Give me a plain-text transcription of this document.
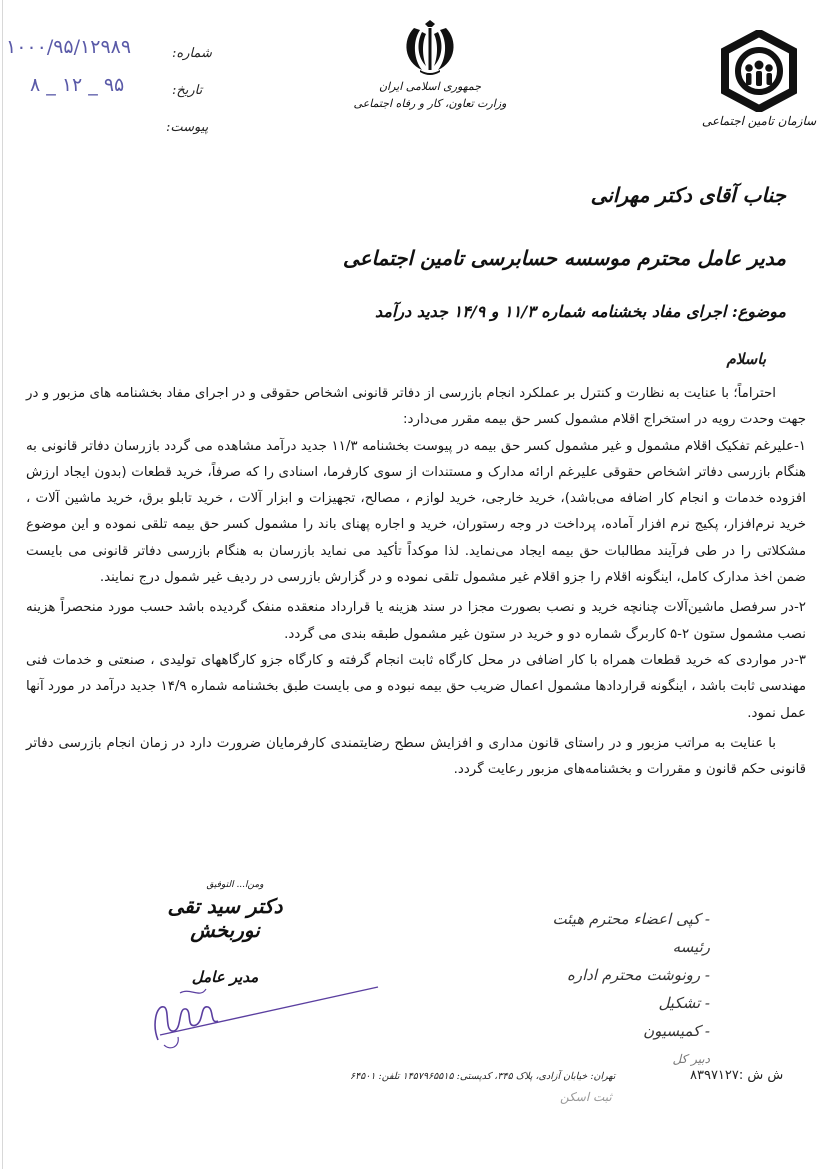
شماره:
۱۰۰۰/۹۵/۱۲۹۸۹
تاریخ:
۹۵ _ ۱۲ _ ۸
پیوست:
جمهوری اسلامی ایران
وزارت تعاون، کار و رفاه اجتماعی
سازمان تامین اجتماعی
جناب آقای دکتر مهرانی
مدیر عامل محترم موسسه حسابرسی تامین اجتماعی
موضوع: اجرای مفاد بخشنامه شماره ۱۱/۳ و ۱۴/۹ جدید درآمد
باسلام

احتراماً؛ با عنایت به نظارت و کنترل بر عملکرد انجام بازرسی از دفاتر قانونی اشخاص حقوقی و در اجرای مفاد بخشنامه های مزبور و در جهت وحدت رویه در استخراج اقلام مشمول کسر حق بیمه مقرر می‌دارد:

۱-علیرغم تفکیک اقلام مشمول و غیر مشمول کسر حق بیمه در پیوست بخشنامه ۱۱/۳ جدید درآمد مشاهده می گردد بازرسان دفاتر قانونی به هنگام بازرسی دفاتر اشخاص حقوقی علیرغم ارائه مدارک و مستندات از سوی کارفرما، اسنادی را که صرفاً، خرید قطعات (بدون ایجاد ارزش افزوده خدمات و انجام کار اضافه می‌باشد)، خرید خارجی، خرید لوازم ، مصالح، تجهیزات و ابزار آلات ، خرید تابلو برق، خرید ماشین آلات ، خرید نرم‌افزار، پکیج نرم افزار آماده، پرداخت در وجه رستوران، خرید و اجاره پهنای باند را مشمول کسر حق بیمه تلقی نموده و این موضوع مشکلاتی را در طی فرآیند مطالبات حق بیمه ایجاد می‌نماید. لذا موکداً تأکید می نماید بازرسان به هنگام بازرسی دفاتر قانونی می بایست ضمن اخذ مدارک کامل، اینگونه اقلام را جزو اقلام غیر مشمول تلقی نموده و در گزارش بازرسی در ردیف غیر شمول درج نمایند.

۲-در سرفصل ماشین‌آلات چنانچه خرید و نصب بصورت مجزا در سند هزینه یا قرارداد منعقده منفک گردیده باشد حسب مورد منحصراً هزینه نصب مشمول ستون ۲-۵ کاربرگ شماره دو و خرید در ستون غیر مشمول طبقه بندی می گردد.

۳-در مواردی که خرید قطعات همراه با کار اضافی در محل کارگاه ثابت انجام گرفته و کارگاه جزو کارگاههای تولیدی ، صنعتی و خدمات فنی مهندسی ثابت باشد ، اینگونه قراردادها مشمول اعمال ضریب حق بیمه نبوده و می بایست طبق بخشنامه شماره ۱۴/۹ جدید درآمد در مورد آنها عمل نمود.

با عنایت به مراتب مزبور و در راستای قانون مداری و افزایش سطح رضایتمندی کارفرمایان ضرورت دارد در زمان انجام بازرسی دفاتر قانونی حکم قانون و مقررات و بخشنامه‌های مزبور رعایت گردد.

ومن‌ا... التوفیق
دکتر سید تقی نوربخش
مدیر عامل
- کپی اعضاء محترم هیئت رئیسه
- رونوشت محترم اداره
- تشکیل
- کمیسیون
دبیر کل
ش ش :۸۳۹۷۱۲۷
تهران: خیابان آزادی، پلاک ۳۴۵، کدپستی: ۱۴۵۷۹۶۵۵۱۵ تلفن: ۶۴۵۰۱
ثبت اسکن
